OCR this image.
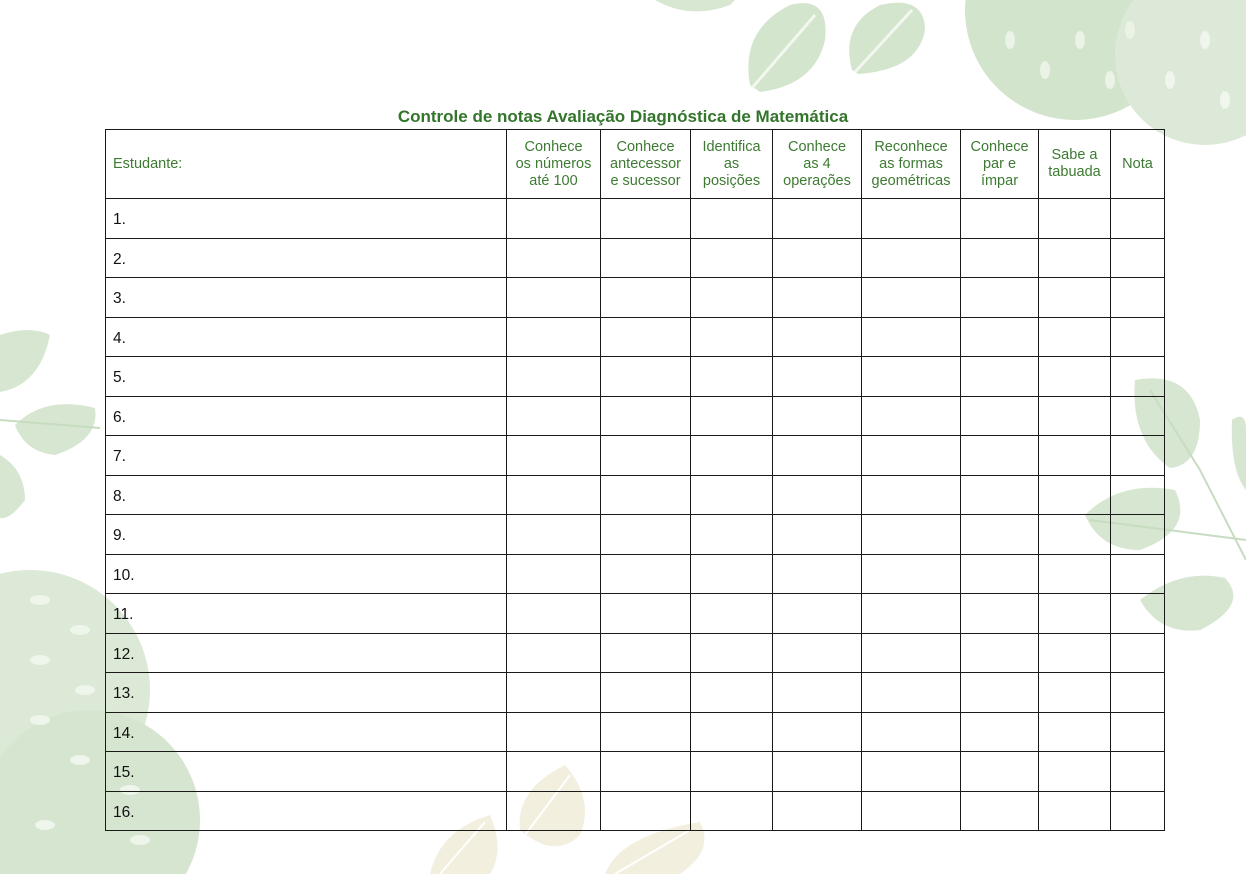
Controle de notas Avaliação Diagnóstica de Matemática
Estudante:	Conhece
os números
até 100	Conhece
antecessor
e sucessor	Identifica
as
posições	Conhece
as 4
operações	Reconhece
as formas
geométricas	Conhece
par e
ímpar	Sabe a
tabuada	Nota

1.								
2.								
3.								
4.								
5.								
6.								
7.								
8.								
9.								
10.								
11.								
12.								
13.								
14.								
15.								
16.								
